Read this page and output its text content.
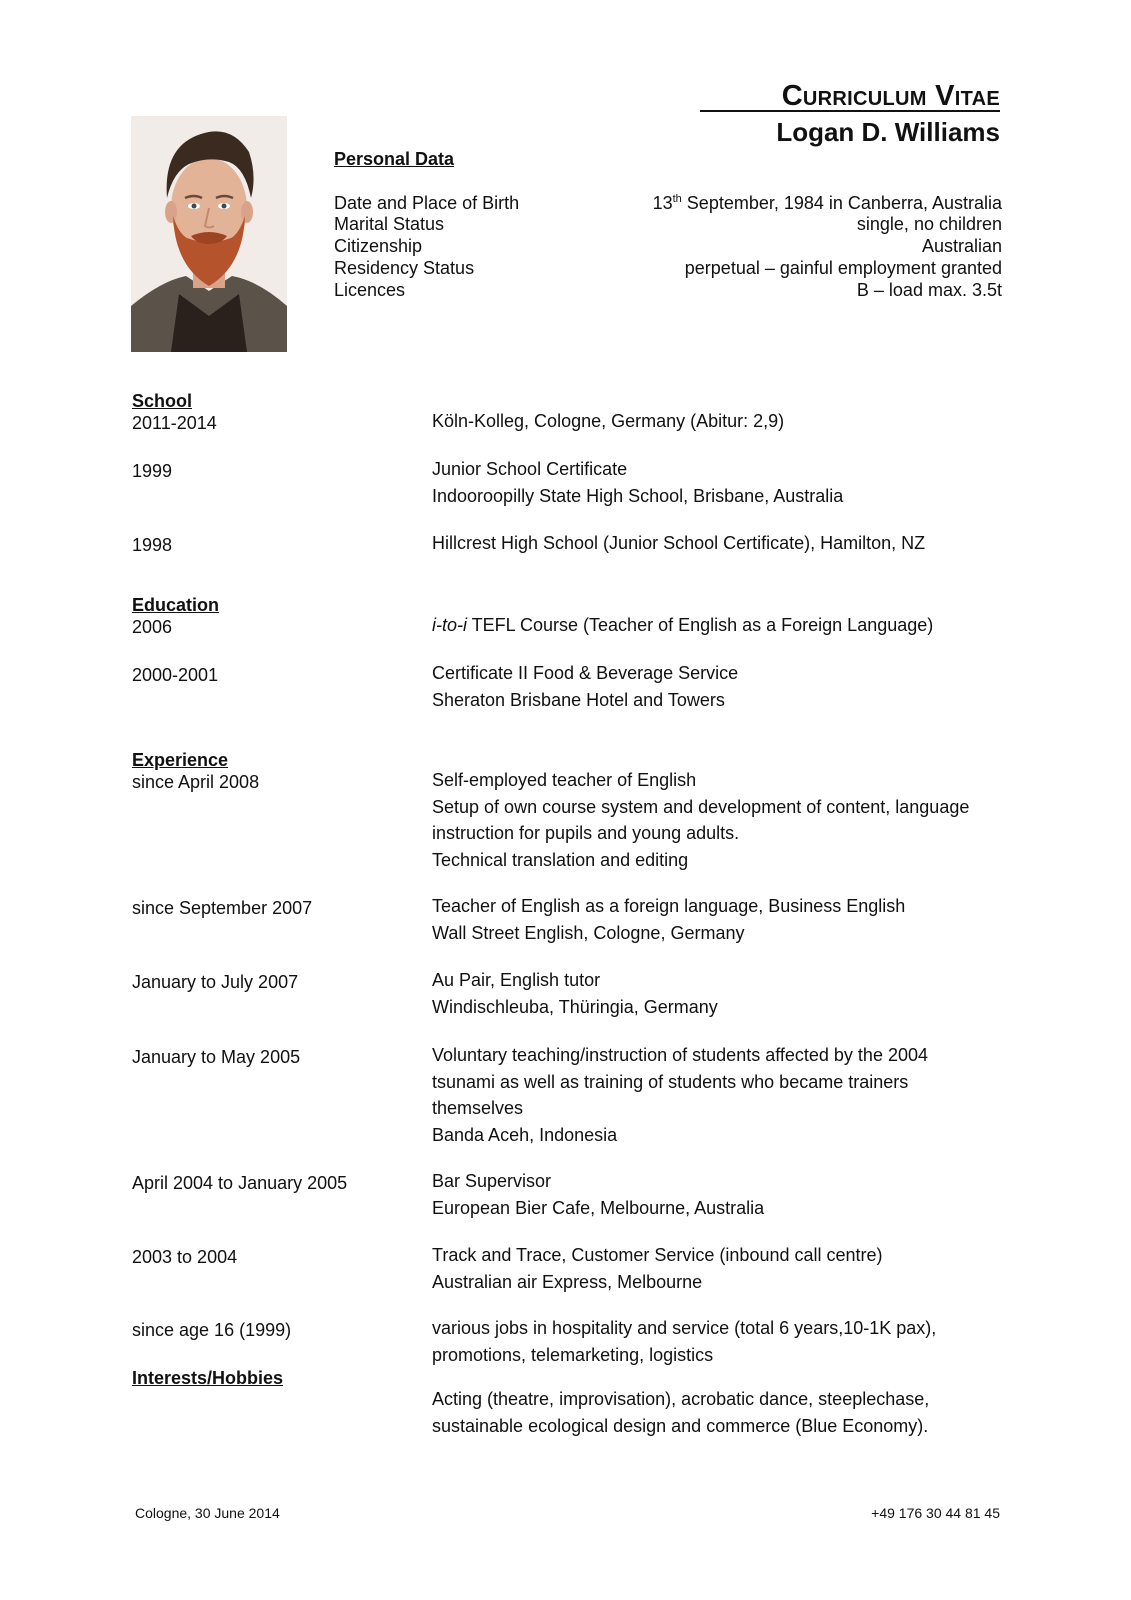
Curriculum Vitae
Logan D. Williams
Personal Data
Date and Place of Birth	13th September, 1984 in Canberra, Australia
Marital Status	single, no children
Citizenship	Australian
Residency Status	perpetual – gainful employment granted
Licences	B – load max. 3.5t
School
2011-2014	Köln-Kolleg, Cologne, Germany (Abitur: 2,9)
1999	Junior School Certificate
Indooroopilly State High School, Brisbane, Australia
1998	Hillcrest High School (Junior School Certificate), Hamilton, NZ
Education
2006	i-to-i TEFL Course (Teacher of English as a Foreign Language)
2000-2001	Certificate II Food & Beverage Service
Sheraton Brisbane Hotel and Towers
Experience
since April 2008	Self-employed teacher of English
Setup of own course system and development of content, language
instruction for pupils and young adults.
Technical translation and editing
since September 2007	Teacher of English as a foreign language, Business English
Wall Street English, Cologne, Germany
January to July 2007	Au Pair, English tutor
Windischleuba, Thüringia, Germany
January to May 2005	Voluntary teaching/instruction of students affected by the 2004
tsunami as well as training of students who became trainers
themselves
Banda Aceh, Indonesia
April 2004 to January 2005	Bar Supervisor
European Bier Cafe, Melbourne, Australia
2003 to 2004	Track and Trace, Customer Service (inbound call centre)
Australian air Express, Melbourne
since age 16 (1999)	various jobs in hospitality and service (total 6 years,10-1K pax),
promotions, telemarketing, logistics
Interests/Hobbies
Acting (theatre, improvisation), acrobatic dance, steeplechase,
sustainable ecological design and commerce (Blue Economy).
Cologne, 30 June 2014	+49 176 30 44 81 45
